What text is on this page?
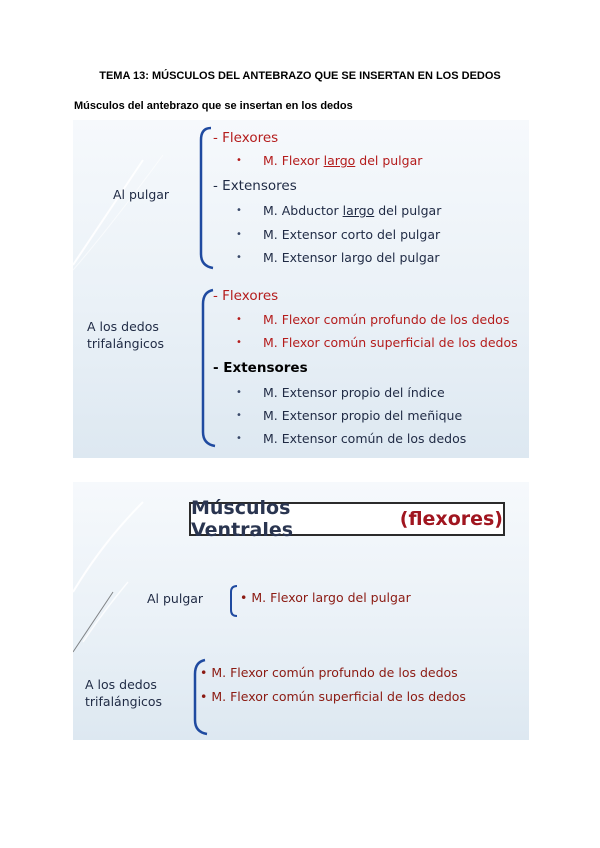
TEMA 13: MÚSCULOS DEL ANTEBRAZO QUE SE INSERTAN EN LOS DEDOS
Músculos del antebrazo que se insertan en los dedos
Al pulgar
- Flexores
• M. Flexor largo del pulgar
- Extensores
• M. Abductor largo del pulgar
• M. Extensor corto del pulgar
• M. Extensor largo del pulgar
A los dedos
trifalángicos
- Flexores
• M. Flexor común profundo de los dedos
• M. Flexor común superficial de los dedos
- Extensores
• M. Extensor propio del índice
• M. Extensor propio del meñique
• M. Extensor común de los dedos
Músculos Ventrales	(flexores)
Al pulgar	• M. Flexor largo del pulgar
A los dedos
trifalángicos
• M. Flexor común profundo de los dedos
• M. Flexor común superficial de los dedos
